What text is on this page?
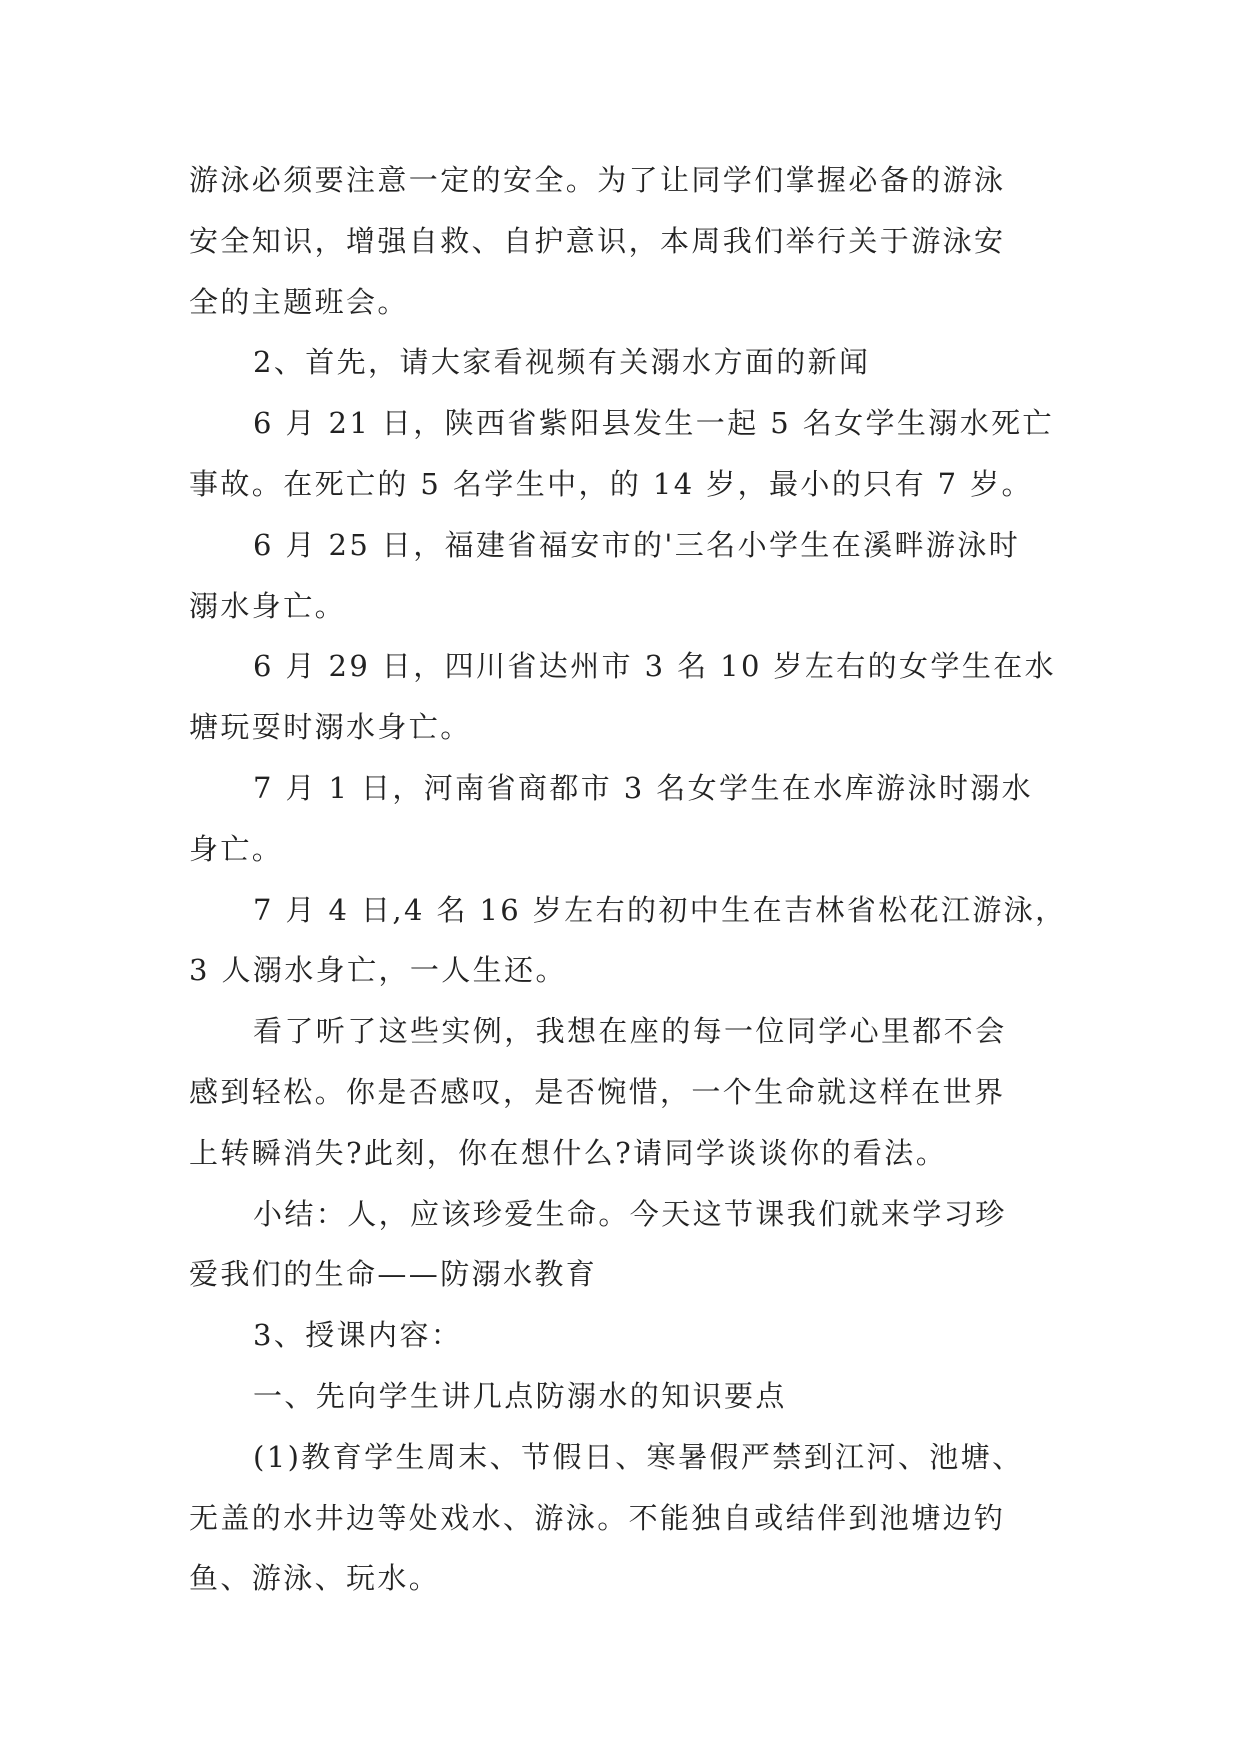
游泳必须要注意一定的安全。为了让同学们掌握必备的游泳

安全知识，增强自救、自护意识，本周我们举行关于游泳安

全的主题班会。

2、首先，请大家看视频有关溺水方面的新闻

6 月 21 日，陕西省紫阳县发生一起 5 名女学生溺水死亡

事故。在死亡的 5 名学生中，的 14 岁，最小的只有 7 岁。

6 月 25 日，福建省福安市的'三名小学生在溪畔游泳时

溺水身亡。

6 月 29 日，四川省达州市 3 名 10 岁左右的女学生在水

塘玩耍时溺水身亡。

7 月 1 日，河南省商都市 3 名女学生在水库游泳时溺水

身亡。

7 月 4 日,4 名 16 岁左右的初中生在吉林省松花江游泳，

3 人溺水身亡，一人生还。

看了听了这些实例，我想在座的每一位同学心里都不会

感到轻松。你是否感叹，是否惋惜，一个生命就这样在世界

上转瞬消失?此刻，你在想什么?请同学谈谈你的看法。

小结：人，应该珍爱生命。今天这节课我们就来学习珍

爱我们的生命——防溺水教育

3、授课内容：

一、先向学生讲几点防溺水的知识要点

(1)教育学生周末、节假日、寒暑假严禁到江河、池塘、

无盖的水井边等处戏水、游泳。不能独自或结伴到池塘边钓

鱼、游泳、玩水。
